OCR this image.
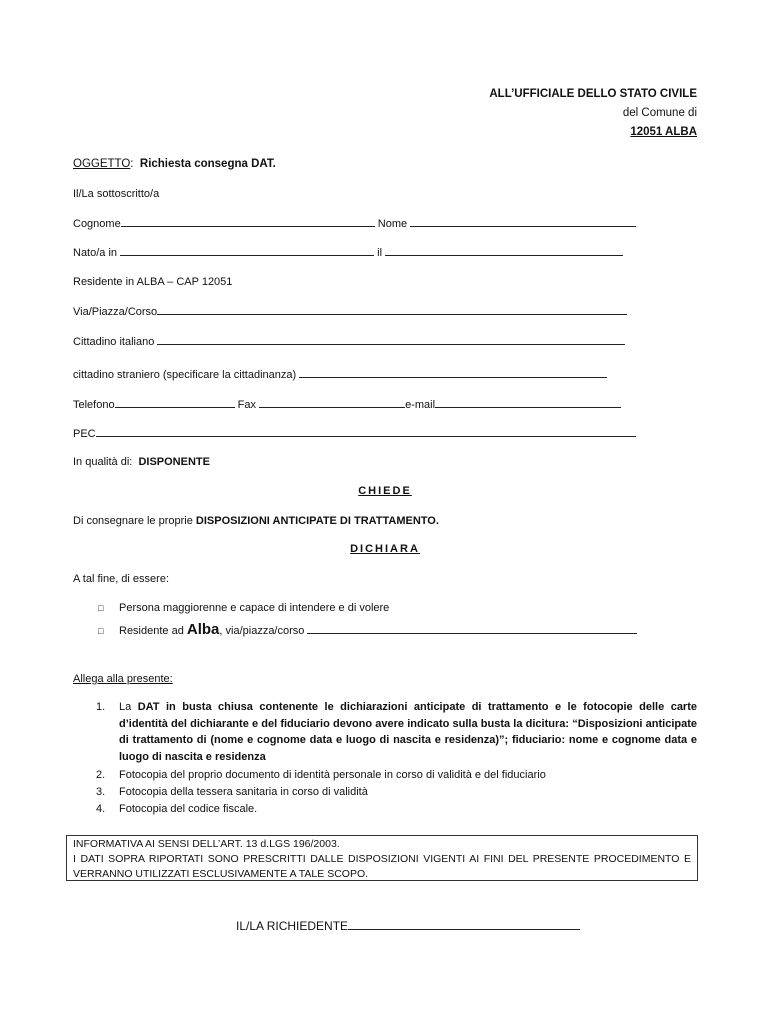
ALL’UFFICIALE DELLO STATO CIVILE
del Comune di
12051 ALBA
OGGETTO: Richiesta consegna DAT.
Il/La sottoscritto/a
Cognome	Nome
Nato/a in	il
Residente in ALBA – CAP 12051
Via/Piazza/Corso
Cittadino italiano
cittadino straniero (specificare la cittadinanza)
Telefono	Fax	e-mail
PEC
In qualità di: DISPONENTE
CHIEDE
Di consegnare le proprie DISPOSIZIONI ANTICIPATE DI TRATTAMENTO.
DICHIARA
A tal fine, di essere:
□ Persona maggiorenne e capace di intendere e di volere
□ Residente ad Alba, via/piazza/corso
Allega alla presente:
1. La DAT in busta chiusa contenente le dichiarazioni anticipate di trattamento e le fotocopie delle carte d’identità del dichiarante e del fiduciario devono avere indicato sulla busta la dicitura: “Disposizioni anticipate di trattamento di (nome e cognome data e luogo di nascita e residenza)”; fiduciario: nome e cognome data e luogo di nascita e residenza
2. Fotocopia del proprio documento di identità personale in corso di validità e del fiduciario
3. Fotocopia della tessera sanitaria in corso di validità
4. Fotocopia del codice fiscale.
INFORMATIVA AI SENSI DELL’ART. 13 d.LGS 196/2003.
I DATI SOPRA RIPORTATI SONO PRESCRITTI DALLE DISPOSIZIONI VIGENTI AI FINI DEL PRESENTE PROCEDIMENTO E VERRANNO UTILIZZATI ESCLUSIVAMENTE A TALE SCOPO.
IL/LA RICHIEDENTE
